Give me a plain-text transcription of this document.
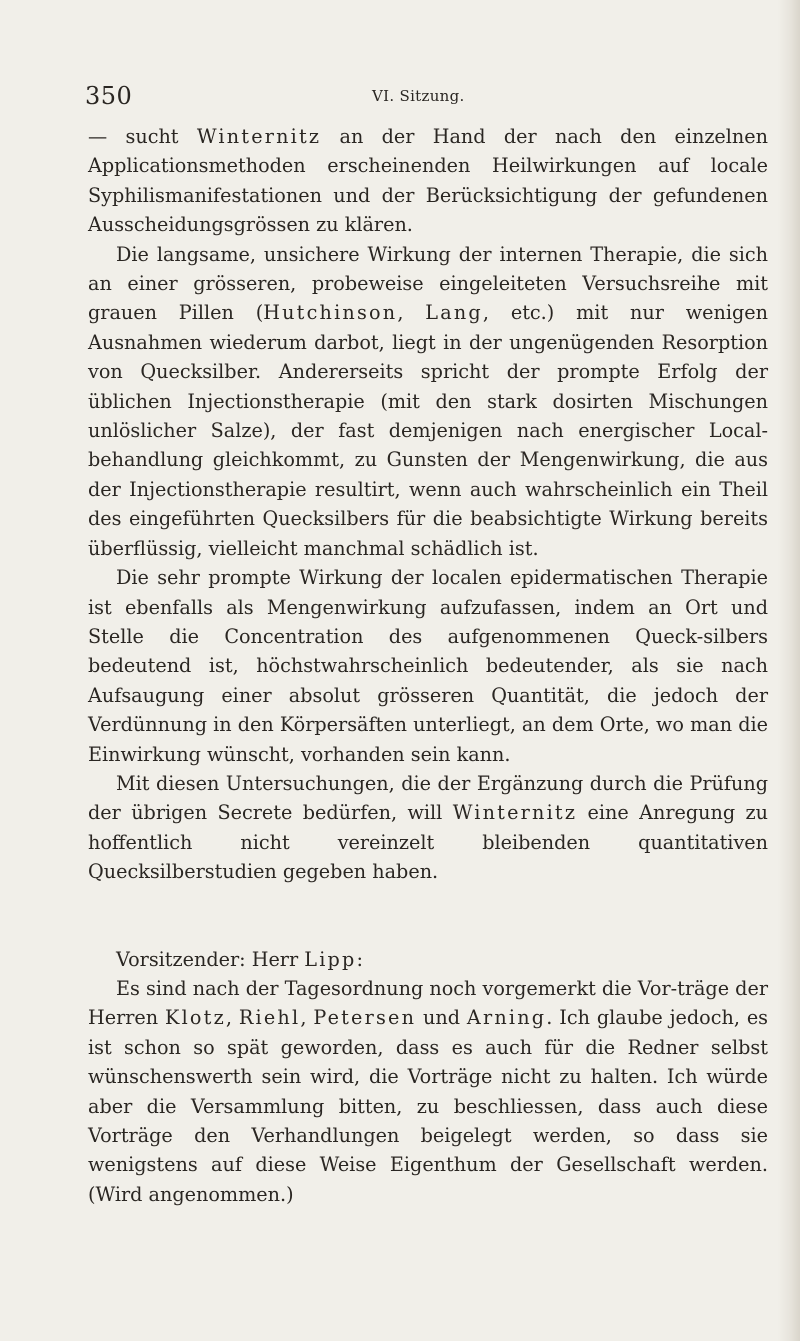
350	VI. Sitzung.

— sucht Winternitz an der Hand der nach den einzelnen Applicationsmethoden erscheinenden Heilwirkungen auf locale Syphilismanifestationen und der Berücksichtigung der gefundenen Ausscheidungsgrössen zu klären.

Die langsame, unsichere Wirkung der internen Therapie, die sich an einer grösseren, probeweise eingeleiteten Versuchsreihe mit grauen Pillen (Hutchinson, Lang, etc.) mit nur wenigen Ausnahmen wiederum darbot, liegt in der ungenügenden Resorption von Quecksilber. Andererseits spricht der prompte Erfolg der üblichen Injectionstherapie (mit den stark dosirten Mischungen unlöslicher Salze), der fast demjenigen nach energischer Local-behandlung gleichkommt, zu Gunsten der Mengenwirkung, die aus der Injectionstherapie resultirt, wenn auch wahrscheinlich ein Theil des eingeführten Quecksilbers für die beabsichtigte Wirkung bereits überflüssig, vielleicht manchmal schädlich ist.

Die sehr prompte Wirkung der localen epidermatischen Therapie ist ebenfalls als Mengenwirkung aufzufassen, indem an Ort und Stelle die Concentration des aufgenommenen Queck-silbers bedeutend ist, höchstwahrscheinlich bedeutender, als sie nach Aufsaugung einer absolut grösseren Quantität, die jedoch der Verdünnung in den Körpersäften unterliegt, an dem Orte, wo man die Einwirkung wünscht, vorhanden sein kann.

Mit diesen Untersuchungen, die der Ergänzung durch die Prüfung der übrigen Secrete bedürfen, will Winternitz eine Anregung zu hoffentlich nicht vereinzelt bleibenden quantitativen Quecksilberstudien gegeben haben.

Vorsitzender: Herr Lipp:

Es sind nach der Tagesordnung noch vorgemerkt die Vor-träge der Herren Klotz, Riehl, Petersen und Arning. Ich glaube jedoch, es ist schon so spät geworden, dass es auch für die Redner selbst wünschenswerth sein wird, die Vorträge nicht zu halten. Ich würde aber die Versammlung bitten, zu beschliessen, dass auch diese Vorträge den Verhandlungen beigelegt werden, so dass sie wenigstens auf diese Weise Eigenthum der Gesellschaft werden. (Wird angenommen.)
